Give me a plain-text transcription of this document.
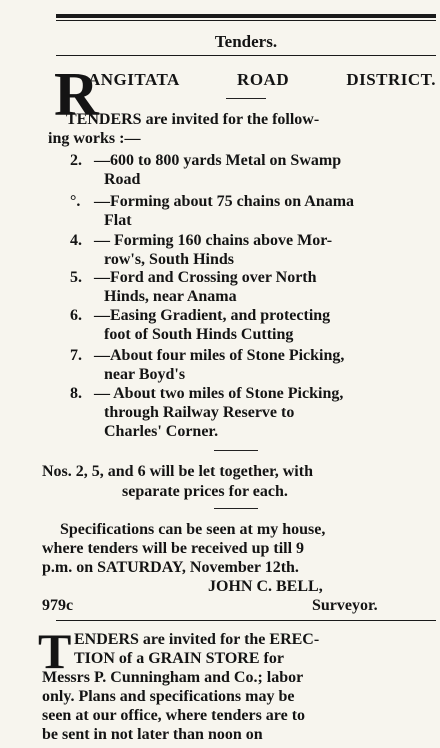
Tenders.
R
ANGITATA	ROAD	DISTRICT.
TENDERS are invited for the follow-
ing works :—
2. —600 to 800 yards Metal on Swamp
Road
°. —Forming about 75 chains on Anama
Flat
4. — Forming 160 chains above Mor-
row's, South Hinds
5. —Ford and Crossing over North
Hinds, near Anama
6. —Easing Gradient, and protecting
foot of South Hinds Cutting
7. —About four miles of Stone Picking,
near Boyd's
8. — About two miles of Stone Picking,
through Railway Reserve to
Charles' Corner.
Nos. 2, 5, and 6 will be let together, with
separate prices for each.
Specifications can be seen at my house,
where tenders will be received up till 9
p.m. on SATURDAY, November 12th.
JOHN C. BELL,
979c	Surveyor.
T ENDERS are invited for the EREC-
TION of a GRAIN STORE for
Messrs P. Cunningham and Co.; labor
only. Plans and specifications may be
seen at our office, where tenders are to
be sent in not later than noon on
